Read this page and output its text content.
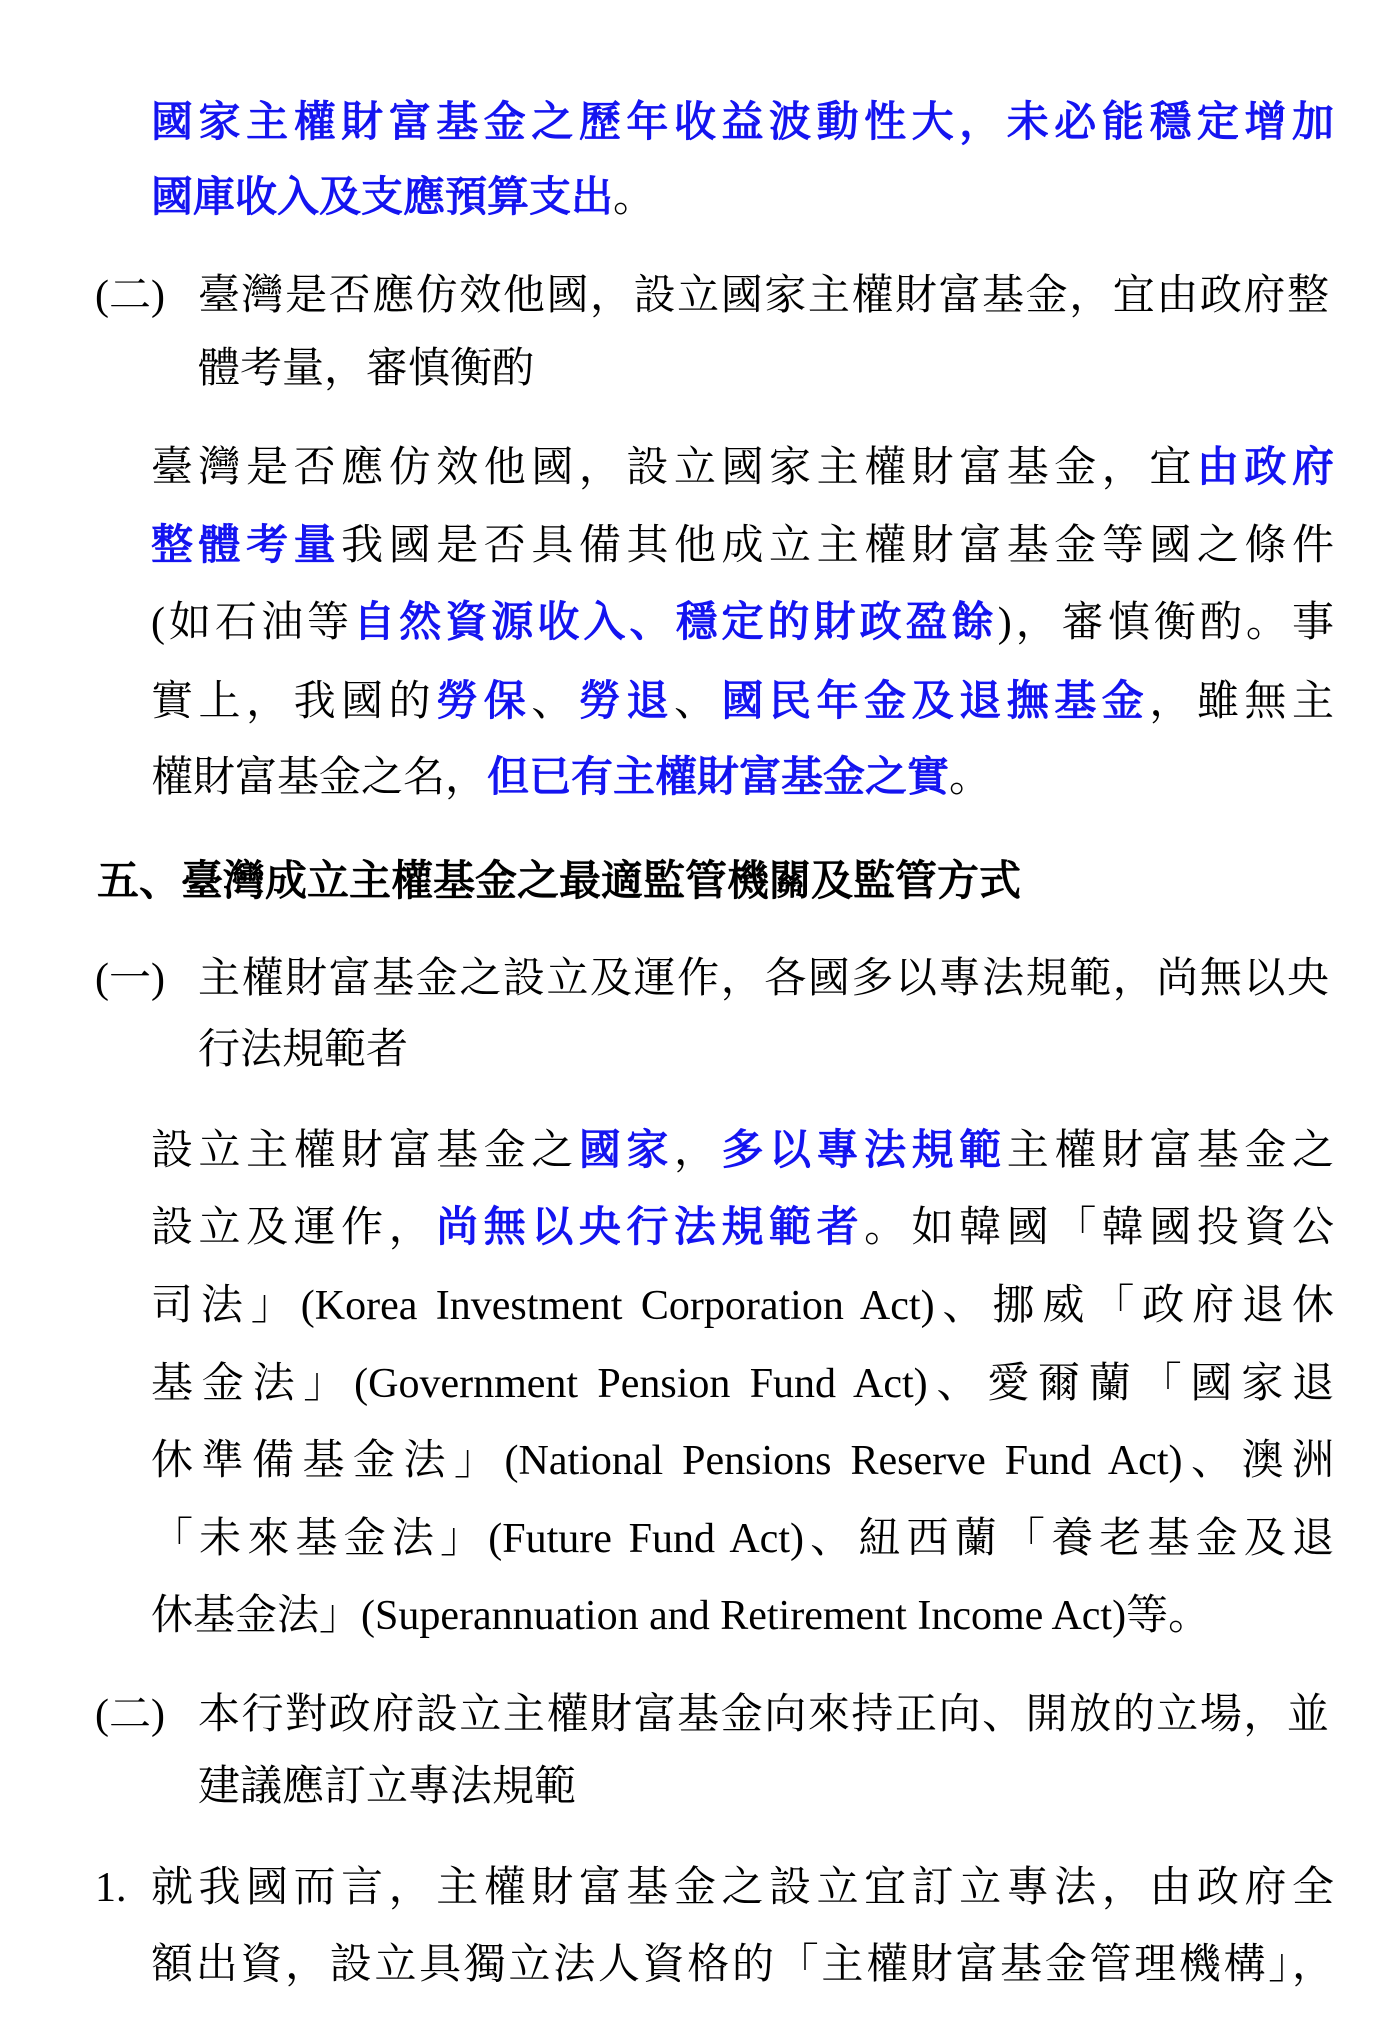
國家主權財富基金之歷年收益波動性大，未必能穩定增加
國庫收入及支應預算支出。
(二) 臺灣是否應仿效他國，設立國家主權財富基金，宜由政府整
體考量，審慎衡酌
臺灣是否應仿效他國，設立國家主權財富基金，宜由政府
整體考量我國是否具備其他成立主權財富基金等國之條件
(如石油等自然資源收入、穩定的財政盈餘)，審慎衡酌。事
實上，我國的勞保、勞退、國民年金及退撫基金，雖無主
權財富基金之名，但已有主權財富基金之實。
五、臺灣成立主權基金之最適監管機關及監管方式
(一) 主權財富基金之設立及運作，各國多以專法規範，尚無以央
行法規範者
設立主權財富基金之國家，多以專法規範主權財富基金之
設立及運作，尚無以央行法規範者。如韓國「韓國投資公
司法」(Korea Investment Corporation Act)、挪威「政府退休
基金法」(Government Pension Fund Act)、愛爾蘭「國家退
休準備基金法」(National Pensions Reserve Fund Act)、澳洲
「未來基金法」(Future Fund Act)、紐西蘭「養老基金及退
休基金法」(Superannuation and Retirement Income Act)等。
(二) 本行對政府設立主權財富基金向來持正向、開放的立場，並
建議應訂立專法規範
1. 就我國而言，主權財富基金之設立宜訂立專法，由政府全
額出資，設立具獨立法人資格的「主權財富基金管理機構」，
